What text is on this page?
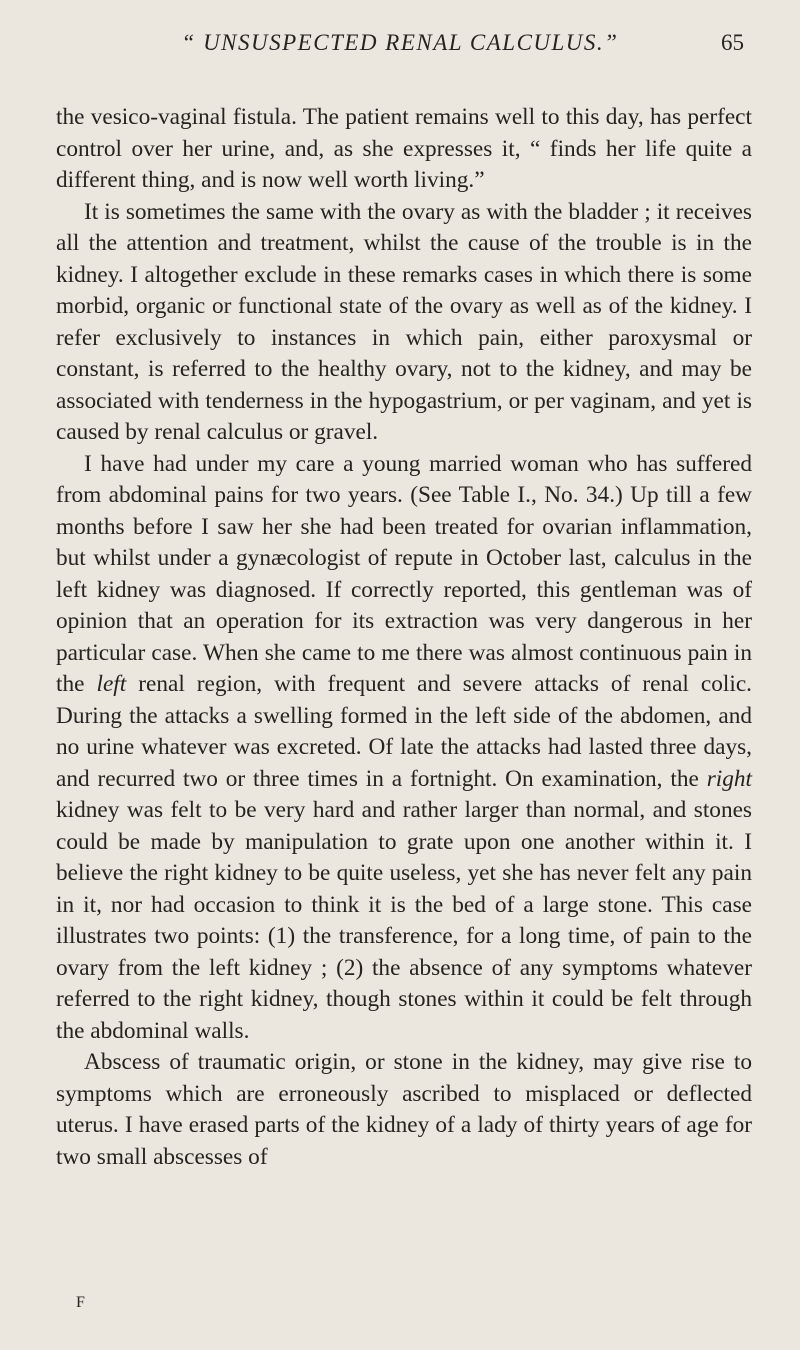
“ UNSUSPECTED RENAL CALCULUS.”	65

the vesico-vaginal fistula. The patient remains well to this day, has perfect control over her urine, and, as she expresses it, “ finds her life quite a different thing, and is now well worth living.”

It is sometimes the same with the ovary as with the bladder ; it receives all the attention and treatment, whilst the cause of the trouble is in the kidney. I altogether exclude in these remarks cases in which there is some morbid, organic or functional state of the ovary as well as of the kidney. I refer exclusively to instances in which pain, either paroxysmal or constant, is referred to the healthy ovary, not to the kidney, and may be associated with tenderness in the hypogastrium, or per vaginam, and yet is caused by renal calculus or gravel.

I have had under my care a young married woman who has suffered from abdominal pains for two years. (See Table I., No. 34.) Up till a few months before I saw her she had been treated for ovarian inflammation, but whilst under a gynæcologist of repute in October last, calculus in the left kidney was diagnosed. If correctly reported, this gentleman was of opinion that an operation for its extraction was very dangerous in her particular case. When she came to me there was almost continuous pain in the left renal region, with frequent and severe attacks of renal colic. During the attacks a swelling formed in the left side of the abdomen, and no urine whatever was excreted. Of late the attacks had lasted three days, and recurred two or three times in a fortnight. On examination, the right kidney was felt to be very hard and rather larger than normal, and stones could be made by manipulation to grate upon one another within it. I believe the right kidney to be quite useless, yet she has never felt any pain in it, nor had occasion to think it is the bed of a large stone. This case illustrates two points: (1) the transference, for a long time, of pain to the ovary from the left kidney ; (2) the absence of any symptoms whatever referred to the right kidney, though stones within it could be felt through the abdominal walls.

Abscess of traumatic origin, or stone in the kidney, may give rise to symptoms which are erroneously ascribed to misplaced or deflected uterus. I have erased parts of the kidney of a lady of thirty years of age for two small abscesses of

F
